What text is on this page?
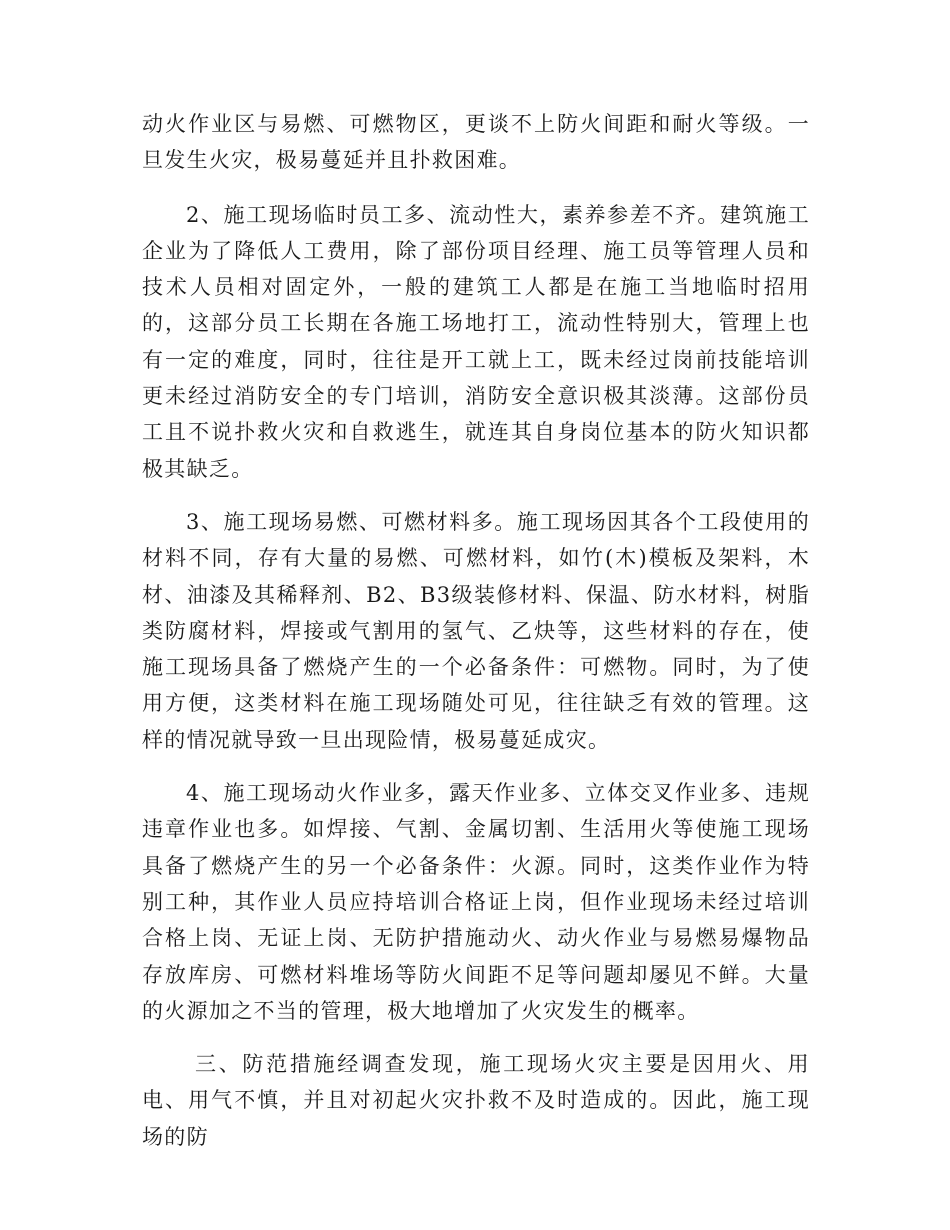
动火作业区与易燃、可燃物区，更谈不上防火间距和耐火等级。一旦发生火灾，极易蔓延并且扑救困难。

2、施工现场临时员工多、流动性大，素养参差不齐。建筑施工企业为了降低人工费用，除了部份项目经理、施工员等管理人员和技术人员相对固定外，一般的建筑工人都是在施工当地临时招用的，这部分员工长期在各施工场地打工，流动性特别大，管理上也有一定的难度，同时，往往是开工就上工，既未经过岗前技能培训更未经过消防安全的专门培训，消防安全意识极其淡薄。这部份员工且不说扑救火灾和自救逃生，就连其自身岗位基本的防火知识都极其缺乏。

3、施工现场易燃、可燃材料多。施工现场因其各个工段使用的材料不同，存有大量的易燃、可燃材料，如竹(木)模板及架料，木材、油漆及其稀释剂、B2、B3级装修材料、保温、防水材料，树脂类防腐材料，焊接或气割用的氢气、乙炔等，这些材料的存在，使施工现场具备了燃烧产生的一个必备条件：可燃物。同时，为了使用方便，这类材料在施工现场随处可见，往往缺乏有效的管理。这样的情况就导致一旦出现险情，极易蔓延成灾。

4、施工现场动火作业多，露天作业多、立体交叉作业多、违规违章作业也多。如焊接、气割、金属切割、生活用火等使施工现场具备了燃烧产生的另一个必备条件：火源。同时，这类作业作为特别工种，其作业人员应持培训合格证上岗，但作业现场未经过培训合格上岗、无证上岗、无防护措施动火、动火作业与易燃易爆物品存放库房、可燃材料堆场等防火间距不足等问题却屡见不鲜。大量的火源加之不当的管理，极大地增加了火灾发生的概率。

三、防范措施经调查发现，施工现场火灾主要是因用火、用电、用气不慎，并且对初起火灾扑救不及时造成的。因此，施工现场的防
